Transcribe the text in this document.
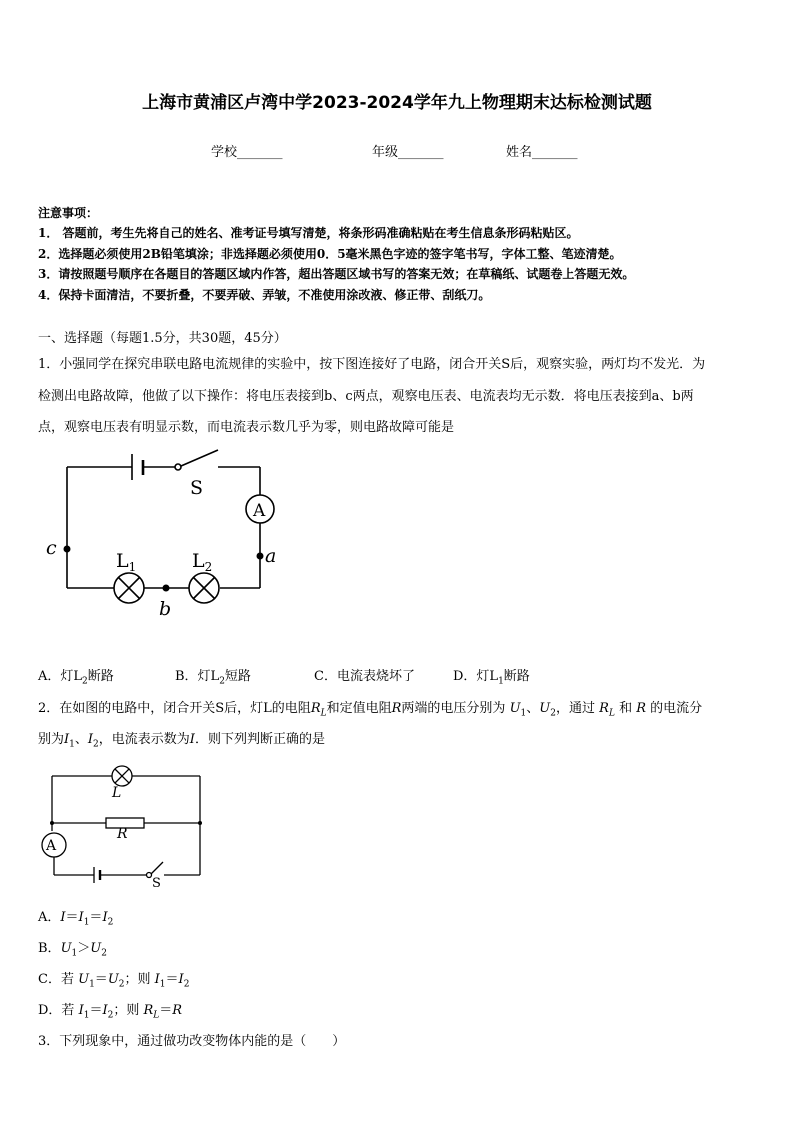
上海市黄浦区卢湾中学2023-2024学年九上物理期末达标检测试题
学校_______	年级_______	姓名_______
注意事项：
1． 答题前，考生先将自己的姓名、准考证号填写清楚，将条形码准确粘贴在考生信息条形码粘贴区。
2．选择题必须使用2B铅笔填涂；非选择题必须使用0．5毫米黑色字迹的签字笔书写，字体工整、笔迹清楚。
3．请按照题号顺序在各题目的答题区域内作答，超出答题区域书写的答案无效；在草稿纸、试题卷上答题无效。
4．保持卡面清洁，不要折叠，不要弄破、弄皱，不准使用涂改液、修正带、刮纸刀。
一、选择题（每题1.5分，共30题，45分）
1．小强同学在探究串联电路电流规律的实验中，按下图连接好了电路，闭合开关S后，观察实验，两灯均不发光．为
检测出电路故障，他做了以下操作：将电压表接到b、c两点，观察电压表、电流表均无示数．将电压表接到a、b两
点，观察电压表有明显示数，而电流表示数几乎为零，则电路故障可能是
S
A
c	a
b
$L_1$	$L_2$
A．灯$L_2$断路	B．灯$L_2$短路	C．电流表烧坏了	D．灯$L_1$断路
2．在如图的电路中，闭合开关S后，灯L的电阻$R_L$和定值电阻R两端的电压分别为 $U_1$、$U_2$，通过 $R_L$ 和 R 的电流分
别为$I_1$、$I_2$，电流表示数为I．则下列判断正确的是
L
R
A
S
A．$I=I_1=I_2$
B．$U_1>U_2$
C．若 $U_1=U_2$；则 $I_1=I_2$
D．若 $I_1=I_2$；则 $R_L=R$
3．下列现象中，通过做功改变物体内能的是（　　）
